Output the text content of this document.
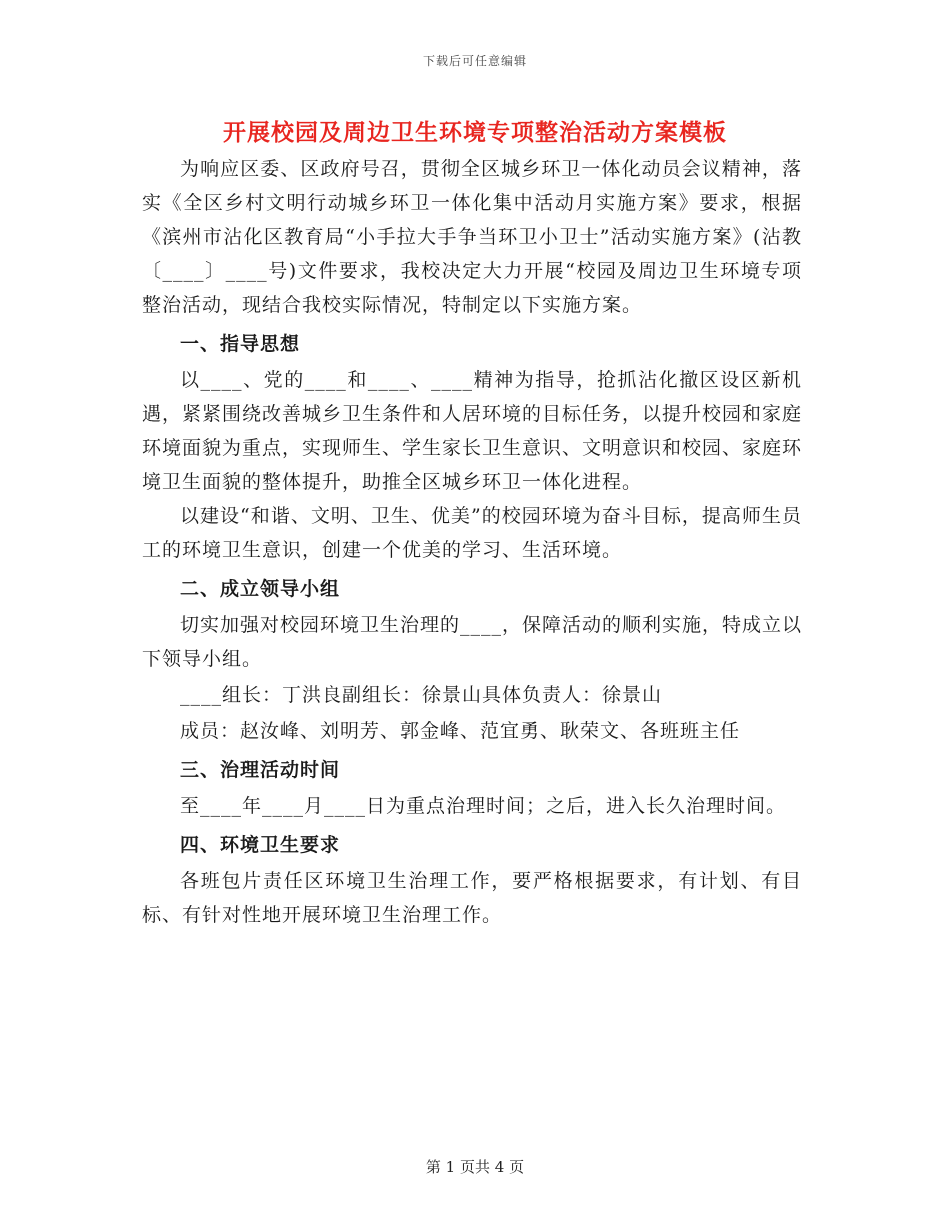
下载后可任意编辑
开展校园及周边卫生环境专项整治活动方案模板

为响应区委、区政府号召，贯彻全区城乡环卫一体化动员会议精神，落实《全区乡村文明行动城乡环卫一体化集中活动月实施方案》要求，根据《滨州市沾化区教育局“小手拉大手争当环卫小卫士”活动实施方案》(沾教〔____〕____号)文件要求，我校决定大力开展“校园及周边卫生环境专项整治活动，现结合我校实际情况，特制定以下实施方案。

一、指导思想

以____、党的____和____、____精神为指导，抢抓沾化撤区设区新机遇，紧紧围绕改善城乡卫生条件和人居环境的目标任务，以提升校园和家庭环境面貌为重点，实现师生、学生家长卫生意识、文明意识和校园、家庭环境卫生面貌的整体提升，助推全区城乡环卫一体化进程。

以建设“和谐、文明、卫生、优美”的校园环境为奋斗目标，提高师生员工的环境卫生意识，创建一个优美的学习、生活环境。

二、成立领导小组

切实加强对校园环境卫生治理的____，保障活动的顺利实施，特成立以下领导小组。

____组长：丁洪良副组长：徐景山具体负责人：徐景山

成员：赵汝峰、刘明芳、郭金峰、范宜勇、耿荣文、各班班主任

三、治理活动时间

至____年____月____日为重点治理时间；之后，进入长久治理时间。

四、环境卫生要求

各班包片责任区环境卫生治理工作，要严格根据要求，有计划、有目标、有针对性地开展环境卫生治理工作。

第 1 页共 4 页
